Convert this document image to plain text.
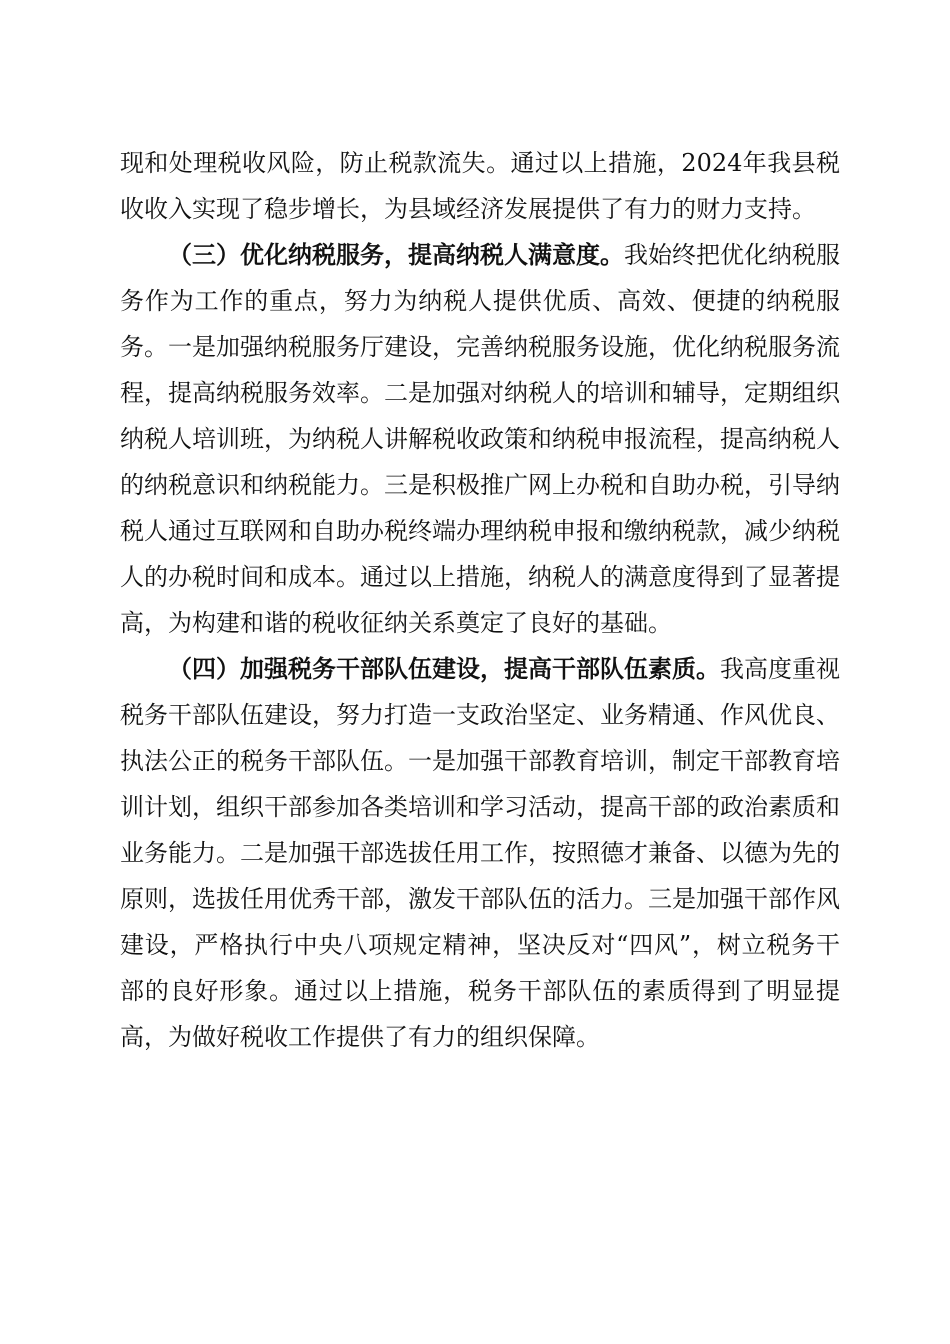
现和处理税收风险，防止税款流失。通过以上措施，2024年我县税收收入实现了稳步增长，为县域经济发展提供了有力的财力支持。

（三）优化纳税服务，提高纳税人满意度。我始终把优化纳税服务作为工作的重点，努力为纳税人提供优质、高效、便捷的纳税服务。一是加强纳税服务厅建设，完善纳税服务设施，优化纳税服务流程，提高纳税服务效率。二是加强对纳税人的培训和辅导，定期组织纳税人培训班，为纳税人讲解税收政策和纳税申报流程，提高纳税人的纳税意识和纳税能力。三是积极推广网上办税和自助办税，引导纳税人通过互联网和自助办税终端办理纳税申报和缴纳税款，减少纳税人的办税时间和成本。通过以上措施，纳税人的满意度得到了显著提高，为构建和谐的税收征纳关系奠定了良好的基础。

（四）加强税务干部队伍建设，提高干部队伍素质。我高度重视税务干部队伍建设，努力打造一支政治坚定、业务精通、作风优良、执法公正的税务干部队伍。一是加强干部教育培训，制定干部教育培训计划，组织干部参加各类培训和学习活动，提高干部的政治素质和业务能力。二是加强干部选拔任用工作，按照德才兼备、以德为先的原则，选拔任用优秀干部，激发干部队伍的活力。三是加强干部作风建设，严格执行中央八项规定精神，坚决反对“四风”，树立税务干部的良好形象。通过以上措施，税务干部队伍的素质得到了明显提高，为做好税收工作提供了有力的组织保障。
